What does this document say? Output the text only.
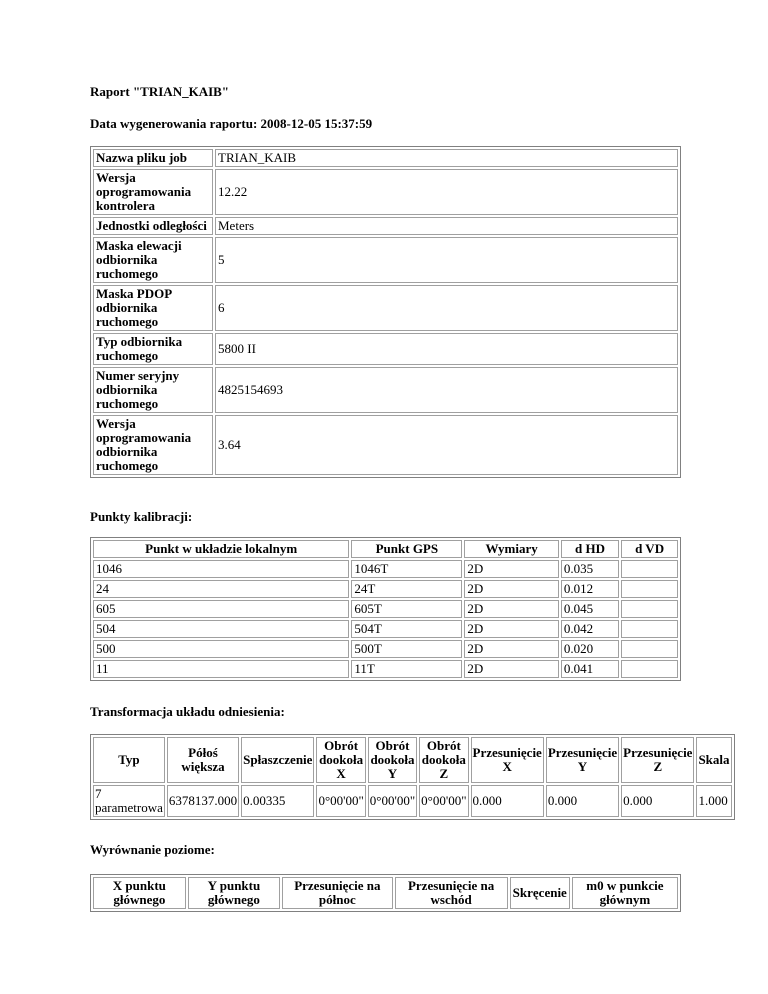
Raport "TRIAN_KAIB"
Data wygenerowania raportu: 2008-12-05 15:37:59
Nazwa pliku job	TRIAN_KAIB
Wersja oprogramowania kontrolera	12.22
Jednostki odległości	Meters
Maska elewacji odbiornika ruchomego	5
Maska PDOP odbiornika ruchomego	6
Typ odbiornika ruchomego	5800 II
Numer seryjny odbiornika ruchomego	4825154693
Wersja oprogramowania odbiornika ruchomego	3.64
Punkty kalibracji:
Punkt w układzie lokalnym	Punkt GPS	Wymiary	d HD	d VD
1046	1046T	2D	0.035	
24	24T	2D	0.012	
605	605T	2D	0.045	
504	504T	2D	0.042	
500	500T	2D	0.020	
11	11T	2D	0.041	
Transformacja układu odniesienia:
Typ	Półoś większa	Spłaszczenie	Obrót dookoła X	Obrót dookoła Y	Obrót dookoła Z	Przesunięcie X	Przesunięcie Y	Przesunięcie Z	Skala
7 parametrowa	6378137.000	0.00335	0°00'00"	0°00'00"	0°00'00"	0.000	0.000	0.000	1.000
Wyrównanie poziome:
X punktu głównego	Y punktu głównego	Przesunięcie na północ	Przesunięcie na wschód	Skręcenie	m0 w punkcie głównym
